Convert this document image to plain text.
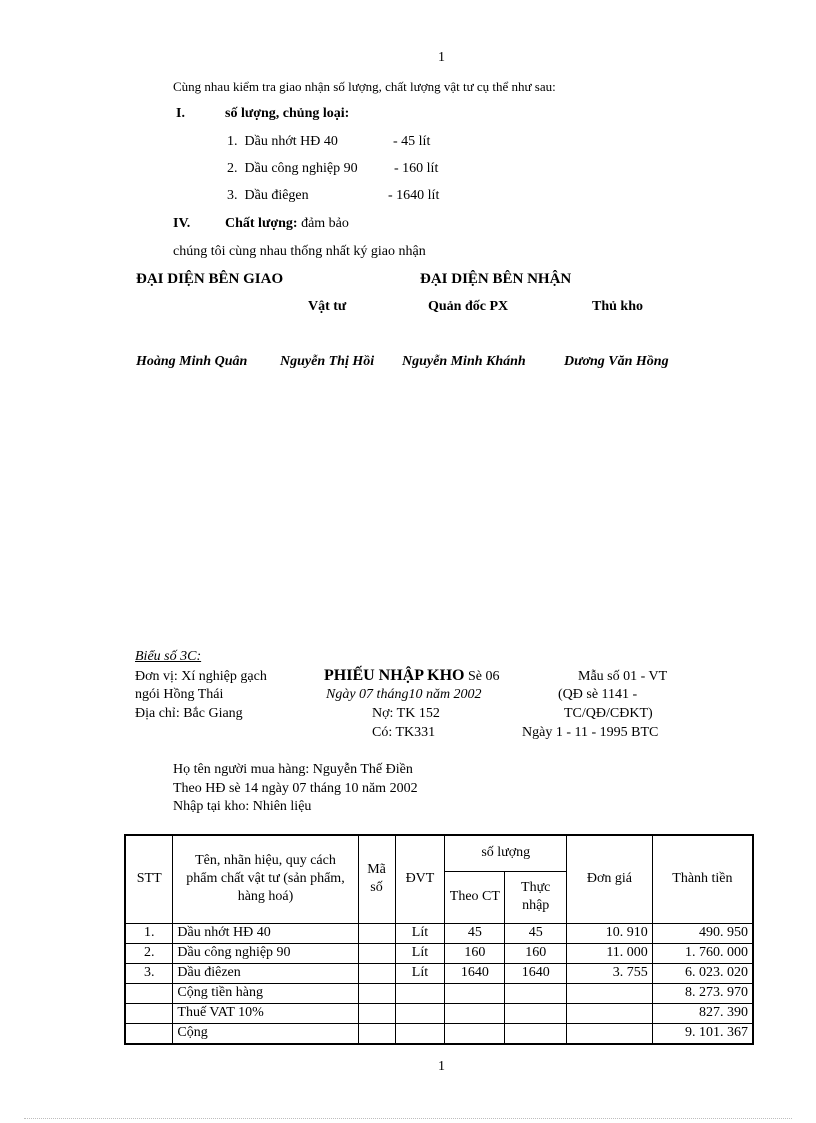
1
Cùng nhau kiểm tra giao nhận số lượng, chất lượng vật tư cụ thể như sau:
I.	số lượng, chủng loại:
1. Dầu nhớt HĐ 40	- 45 lít
2. Dầu công nghiệp 90	- 160 lít
3. Dầu điêgen	- 1640 lít
IV. Chất lượng: đảm bảo
chúng tôi cùng nhau thống nhất ký giao nhận
ĐẠI DIỆN BÊN GIAO	ĐẠI DIỆN BÊN NHẬN
Vật tư	Quản đốc PX	Thủ kho
Hoàng Minh Quân Nguyễn Thị Hồi Nguyễn Minh Khánh	Dương Văn Hồng
Biểu số 3C:
Đơn vị: Xí nghiệp gạch
ngói Hồng Thái
Địa chỉ: Bắc Giang
PHIẾU NHẬP KHO Sè 06
Ngày 07 tháng10 năm 2002
Nợ: TK 152
Có: TK331
Mẫu số 01 - VT
(QĐ sè 1141 -
TC/QĐ/CĐKT)
Ngày 1 - 11 - 1995 BTC
Họ tên người mua hàng: Nguyễn Thế Điền
Theo HĐ sè 14 ngày 07 tháng 10 năm 2002
Nhập tại kho: Nhiên liệu
STT	Tên, nhãn hiệu, quy cách phẩm chất vật tư (sản phẩm, hàng hoá)	Mã số	ĐVT	số lượng		Đơn giá	Thành tiền
				Theo CT	Thực nhập		
1.	Dầu nhớt HĐ 40		Lít	45	45	10. 910	490. 950
2.	Dầu công nghiệp 90		Lít	160	160	11. 000	1. 760. 000
3.	Dầu điêzen		Lít	1640	1640	3. 755	6. 023. 020
	Cộng tiền hàng						8. 273. 970
	Thuế VAT 10%						827. 390
	Cộng						9. 101. 367
1
